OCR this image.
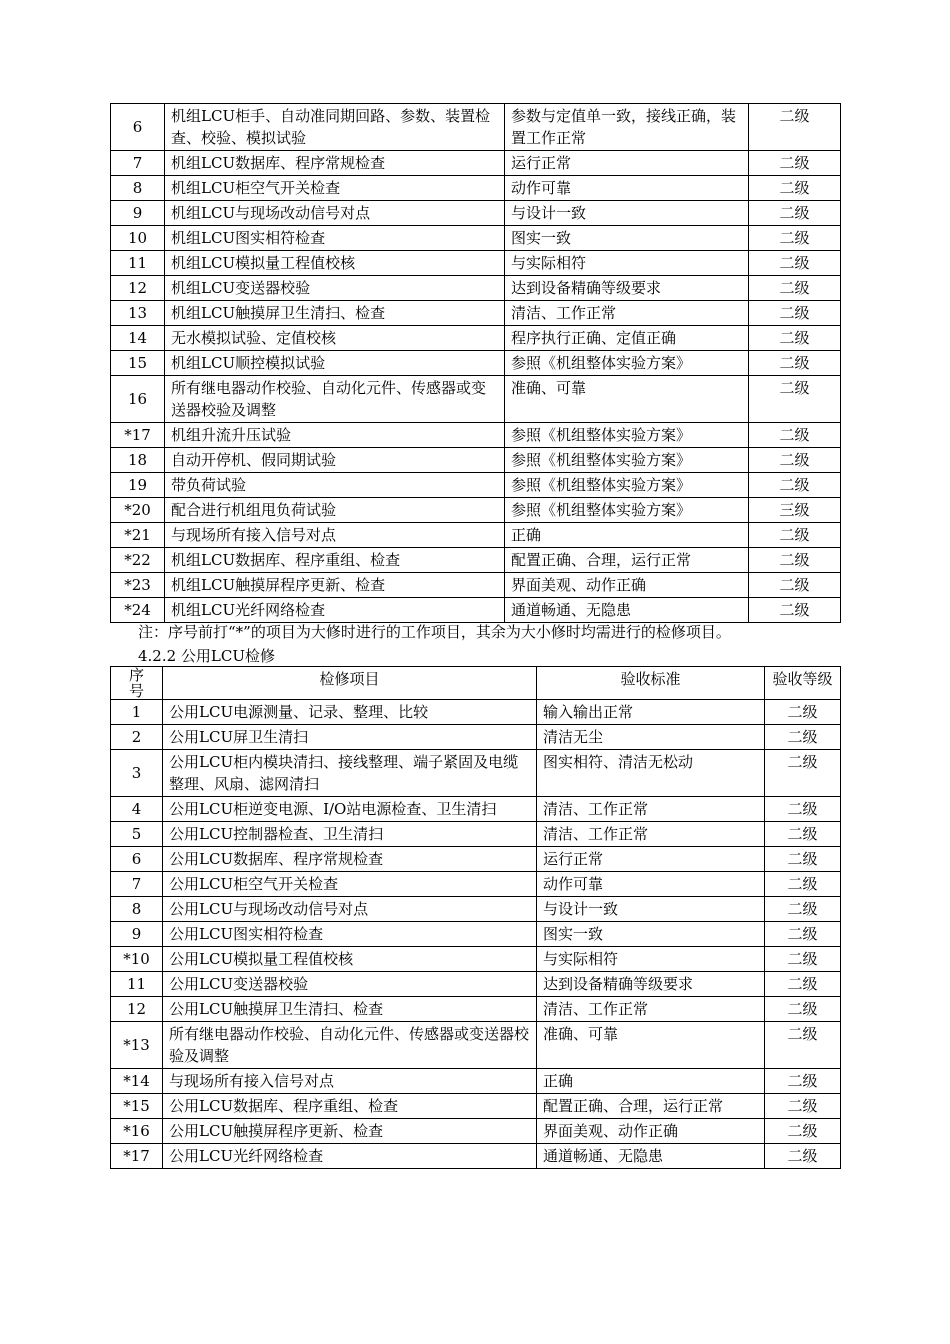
6	机组LCU柜手、自动准同期回路、参数、装置检查、校验、模拟试验	参数与定值单一致，接线正确，装置工作正常	二级
7	机组LCU数据库、程序常规检查	运行正常	二级
8	机组LCU柜空气开关检查	动作可靠	二级
9	机组LCU与现场改动信号对点	与设计一致	二级
10	机组LCU图实相符检查	图实一致	二级
11	机组LCU模拟量工程值校核	与实际相符	二级
12	机组LCU变送器校验	达到设备精确等级要求	二级
13	机组LCU触摸屏卫生清扫、检查	清洁、工作正常	二级
14	无水模拟试验、定值校核	程序执行正确、定值正确	二级
15	机组LCU顺控模拟试验	参照《机组整体实验方案》	二级
16	所有继电器动作校验、自动化元件、传感器或变送器校验及调整	准确、可靠	二级
*17	机组升流升压试验	参照《机组整体实验方案》	二级
18	自动开停机、假同期试验	参照《机组整体实验方案》	二级
19	带负荷试验	参照《机组整体实验方案》	二级
*20	配合进行机组甩负荷试验	参照《机组整体实验方案》	三级
*21	与现场所有接入信号对点	正确	二级
*22	机组LCU数据库、程序重组、检查	配置正确、合理，运行正常	二级
*23	机组LCU触摸屏程序更新、检查	界面美观、动作正确	二级
*24	机组LCU光纤网络检查	通道畅通、无隐患	二级
注：序号前打“*”的项目为大修时进行的工作项目，其余为大小修时均需进行的检修项目。
4.2.2 公用LCU检修
序号	检修项目	验收标准	验收等级
1	公用LCU电源测量、记录、整理、比较	输入输出正常	二级
2	公用LCU屏卫生清扫	清洁无尘	二级
3	公用LCU柜内模块清扫、接线整理、端子紧固及电缆整理、风扇、滤网清扫	图实相符、清洁无松动	二级
4	公用LCU柜逆变电源、I/O站电源检查、卫生清扫	清洁、工作正常	二级
5	公用LCU控制器检查、卫生清扫	清洁、工作正常	二级
6	公用LCU数据库、程序常规检查	运行正常	二级
7	公用LCU柜空气开关检查	动作可靠	二级
8	公用LCU与现场改动信号对点	与设计一致	二级
9	公用LCU图实相符检查	图实一致	二级
*10	公用LCU模拟量工程值校核	与实际相符	二级
11	公用LCU变送器校验	达到设备精确等级要求	二级
12	公用LCU触摸屏卫生清扫、检查	清洁、工作正常	二级
*13	所有继电器动作校验、自动化元件、传感器或变送器校验及调整	准确、可靠	二级
*14	与现场所有接入信号对点	正确	二级
*15	公用LCU数据库、程序重组、检查	配置正确、合理，运行正常	二级
*16	公用LCU触摸屏程序更新、检查	界面美观、动作正确	二级
*17	公用LCU光纤网络检查	通道畅通、无隐患	二级
